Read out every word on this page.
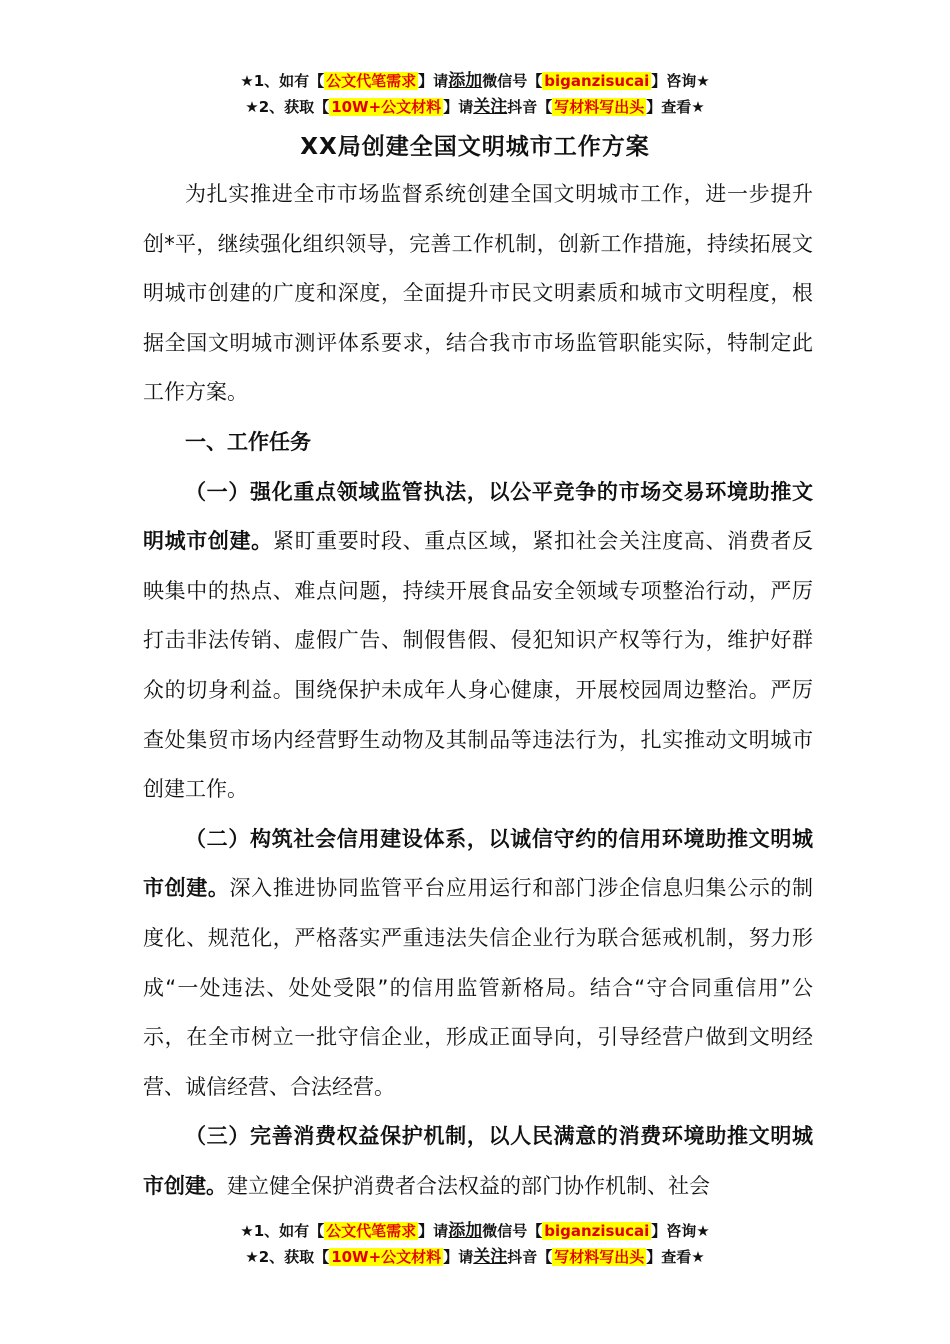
★1、如有【 公文代笔需求 】请添加微信号【 biganzisucai 】咨询★
★2、获取【 10W+公文材料 】请关注抖音【 写材料写出头 】查看★
XX局创建全国文明城市工作方案

为扎实推进全市市场监督系统创建全国文明城市工作，进一步提升创*平，继续强化组织领导，完善工作机制，创新工作措施，持续拓展文明城市创建的广度和深度，全面提升市民文明素质和城市文明程度，根据全国文明城市测评体系要求，结合我市市场监管职能实际，特制定此工作方案。

一、工作任务

（一）强化重点领域监管执法，以公平竞争的市场交易环境助推文明城市创建。紧盯重要时段、重点区域，紧扣社会关注度高、消费者反映集中的热点、难点问题，持续开展食品安全领域专项整治行动，严厉打击非法传销、虚假广告、制假售假、侵犯知识产权等行为，维护好群众的切身利益。围绕保护未成年人身心健康，开展校园周边整治。严厉查处集贸市场内经营野生动物及其制品等违法行为，扎实推动文明城市创建工作。

（二）构筑社会信用建设体系，以诚信守约的信用环境助推文明城市创建。深入推进协同监管平台应用运行和部门涉企信息归集公示的制度化、规范化，严格落实严重违法失信企业行为联合惩戒机制，努力形成“一处违法、处处受限”的信用监管新格局。结合“守合同重信用”公示，在全市树立一批守信企业，形成正面导向，引导经营户做到文明经营、诚信经营、合法经营。

（三）完善消费权益保护机制，以人民满意的消费环境助推文明城市创建。建立健全保护消费者合法权益的部门协作机制、社会

★1、如有【 公文代笔需求 】请添加微信号【 biganzisucai 】咨询★
★2、获取【 10W+公文材料 】请关注抖音【 写材料写出头 】查看★
